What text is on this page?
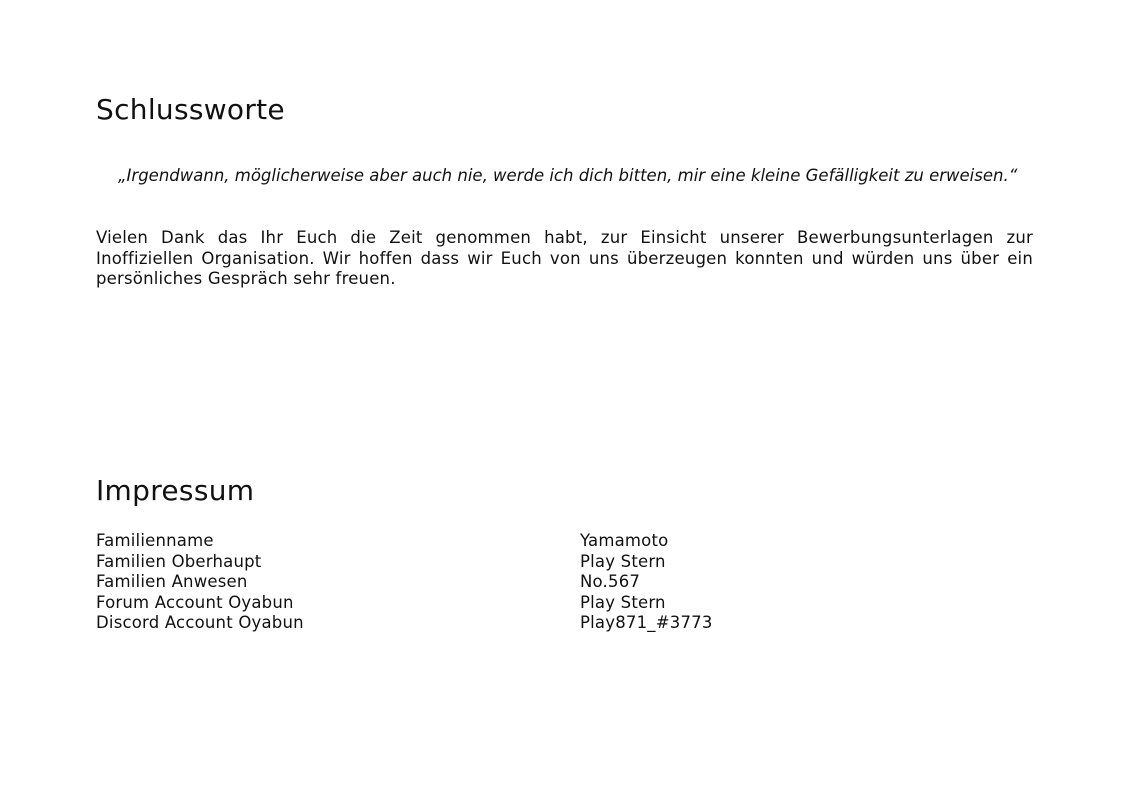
Schlussworte
„Irgendwann, möglicherweise aber auch nie, werde ich dich bitten, mir eine kleine Gefälligkeit zu erweisen.“
Vielen Dank das Ihr Euch die Zeit genommen habt, zur Einsicht unserer Bewerbungsunterlagen zur Inoffiziellen Organisation. Wir hoffen dass wir Euch von uns überzeugen konnten und würden uns über ein persönliches Gespräch sehr freuen.
Impressum
Familienname	Yamamoto
Familien Oberhaupt	Play Stern
Familien Anwesen	No.567
Forum Account Oyabun	Play Stern
Discord Account Oyabun	Play871_#3773
